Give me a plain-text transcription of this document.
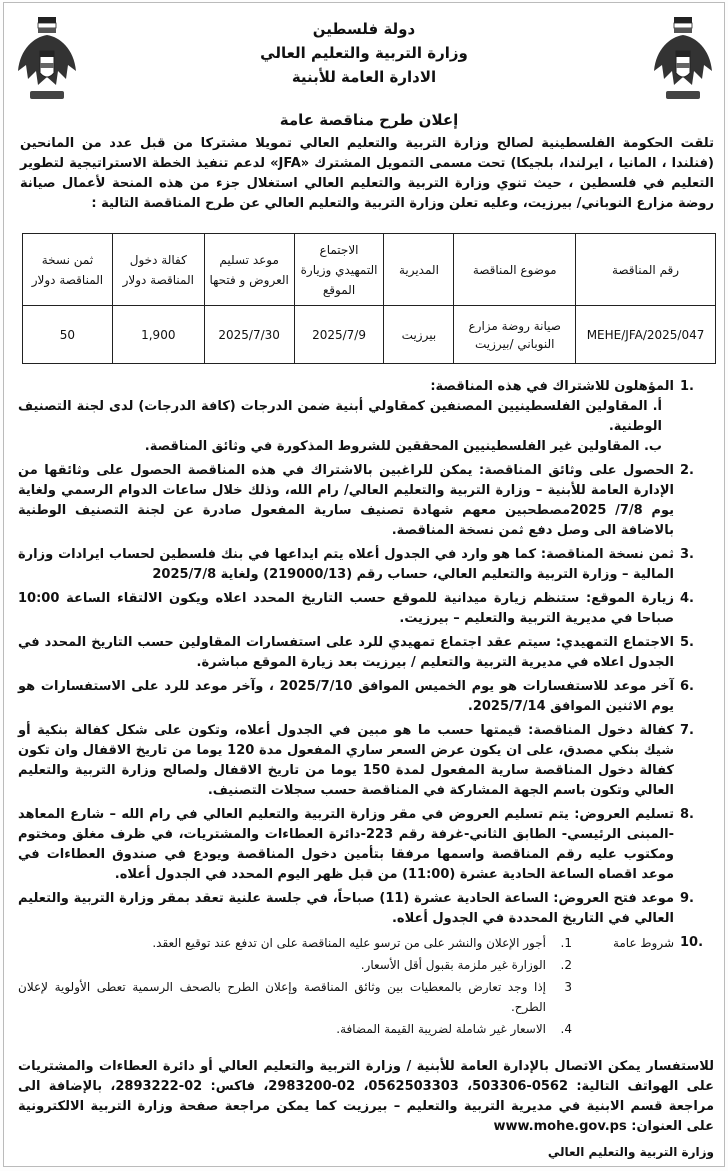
دولة فلسطين
وزارة التربية والتعليم العالي
الادارة العامة للأبنية
إعلان طرح مناقصة عامة

تلقت الحكومة الفلسطينية لصالح وزارة التربية والتعليم العالي تمويلا مشتركا من قبل عدد من المانحين (فنلندا ، المانيا ، ايرلندا، بلجيكا) تحت مسمى التمويل المشترك «JFA» لدعم تنفيذ الخطة الاستراتيجية لتطوير التعليم في فلسطين ، حيث تنوي وزارة التربية والتعليم العالي استغلال جزء من هذه المنحة لأعمال صيانة روضة مزارع النوباني/ بيرزيت، وعليه تعلن وزارة التربية والتعليم العالي عن طرح المناقصة التالية :

رقم المناقصة	موضوع المناقصة	المديرية	الاجتماع التمهيدي وزيارة الموقع	موعد تسليم العروض و فتحها	كفالة دخول المناقصة دولار	ثمن نسخة المناقصة دولار
MEHE/JFA/2025/047	صيانة روضة مزارع النوباني /بيرزيت	بيرزيت	2025/7/9	2025/7/30	1,900	50
1.
المؤهلون للاشتراك في هذه المناقصة:
أ. المقاولين الفلسطينيين المصنفين كمقاولي أبنية ضمن الدرجات (كافة الدرجات) لدى لجنة التصنيف الوطنية.
ب. المقاولين غير الفلسطينيين المحققين للشروط المذكورة في وثائق المناقصة.
2.
الحصول على وثائق المناقصة: يمكن للراغبين بالاشتراك في هذه المناقصة الحصول على وثائقها من الإدارة العامة للأبنية – وزارة التربية والتعليم العالي/ رام الله، وذلك خلال ساعات الدوام الرسمي ولغاية يوم 7/8/ 2025مصطحبين معهم شهادة تصنيف سارية المفعول صادرة عن لجنة التصنيف الوطنية بالاضافة الى وصل دفع ثمن نسخة المناقصة.
3.
ثمن نسخة المناقصة: كما هو وارد في الجدول أعلاه يتم ايداعها في بنك فلسطين لحساب ايرادات وزارة المالية – وزارة التربية والتعليم العالي، حساب رقم (219000/13) ولغاية 2025/7/8
4.
زيارة الموقع: ستنظم زيارة ميدانية للموقع حسب التاريخ المحدد اعلاه ويكون الالتقاء الساعة 10:00 صباحا في مديرية التربية والتعليم – بيرزيت.
5.
الاجتماع التمهيدي: سيتم عقد اجتماع تمهيدي للرد على استفسارات المقاولين حسب التاريخ المحدد في الجدول اعلاه في مديرية التربية والتعليم / بيرزيت بعد زيارة الموقع مباشرة.
6.
آخر موعد للاستفسارات هو يوم الخميس الموافق 2025/7/10 ، وآخر موعد للرد على الاستفسارات هو يوم الاثنين الموافق 2025/7/14.
7.
كفالة دخول المناقصة: قيمتها حسب ما هو مبين في الجدول أعلاه، وتكون على شكل كفالة بنكية أو شيك بنكي مصدق، على ان يكون عرض السعر ساري المفعول مدة 120 يوما من تاريخ الاقفال وان تكون كفالة دخول المناقصة سارية المفعول لمدة 150 يوما من تاريخ الاقفال ولصالح وزارة التربية والتعليم العالي وتكون باسم الجهة المشاركة في المناقصة حسب سجلات التصنيف.
8.
تسليم العروض: يتم تسليم العروض في مقر وزارة التربية والتعليم العالي في رام الله – شارع المعاهد -المبنى الرئيسي- الطابق الثاني-غرفة رقم 223-دائرة العطاءات والمشتريات، في ظرف مغلق ومختوم ومكتوب عليه رقم المناقصة واسمها مرفقا بتأمين دخول المناقصة ويودع في صندوق العطاءات في موعد اقصاه الساعة الحادية عشرة (11:00) من قبل ظهر اليوم المحدد في الجدول أعلاه.
9.
موعد فتح العروض: الساعة الحادية عشرة (11) صباحاً، في جلسة علنية تعقد بمقر وزارة التربية والتعليم العالي في التاريخ المحددة في الجدول أعلاه.
10.
شروط عامة
1.
أجور الإعلان والنشر على من ترسو عليه المناقصة على ان تدفع عند توقيع العقد.
2.
الوزارة غير ملزمة بقبول أقل الأسعار.
3
إذا وجد تعارض بالمعطيات بين وثائق المناقصة وإعلان الطرح بالصحف الرسمية تعطى الأولوية لإعلان الطرح.
4.
الاسعار غير شاملة لضريبة القيمة المضافة.

للاستفسار يمكن الاتصال بالإدارة العامة للأبنية / وزارة التربية والتعليم العالي أو دائرة العطاءات والمشتريات على الهواتف التالية: 0562-503306، 0562503303، 02-2983200، فاكس: 02-2893222، بالإضافة الى مراجعة قسم الابنية في مديرية التربية والتعليم – بيرزيت كما يمكن مراجعة صفحة وزارة التربية الالكترونية على العنوان: www.mohe.gov.ps

وزارة التربية والتعليم العالي
